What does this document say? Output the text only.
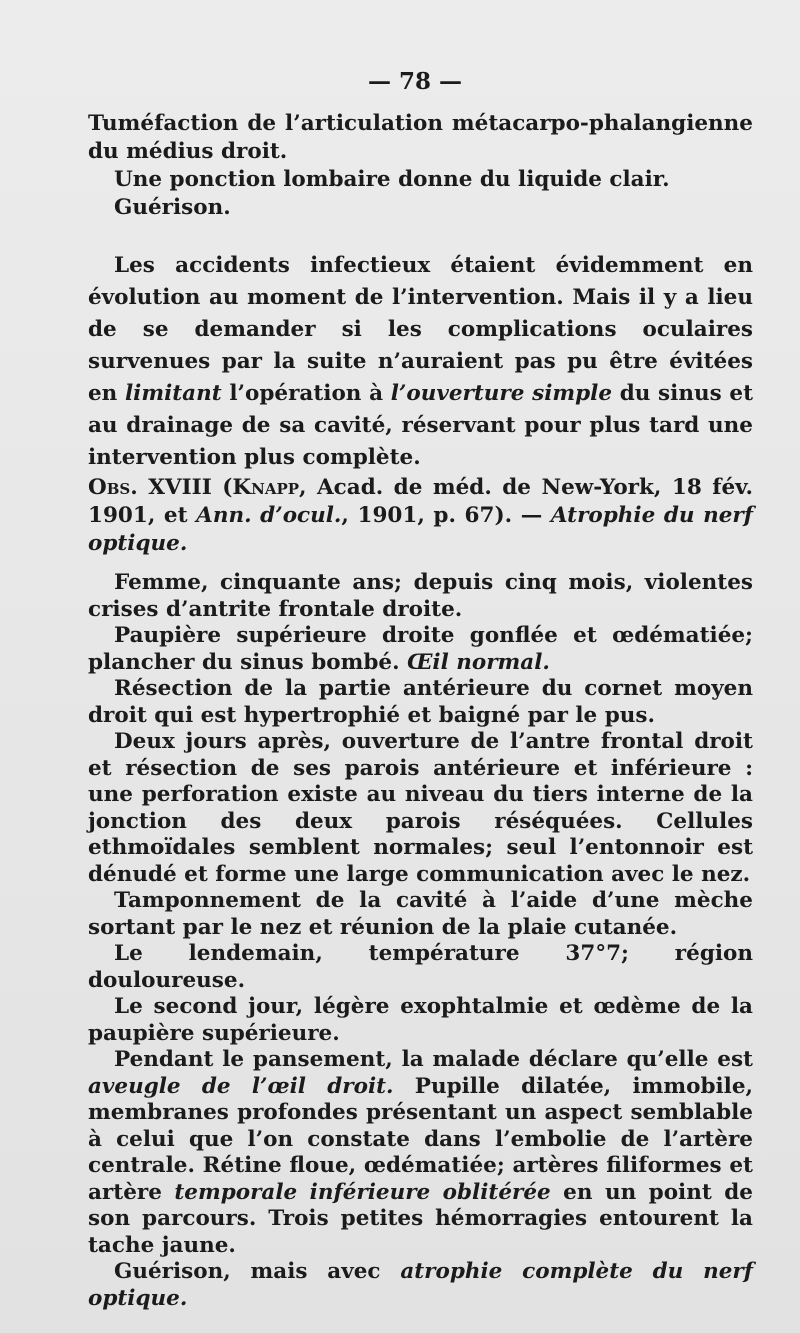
— 78 —

Tuméfaction de l’articulation métacarpo-phalangienne du médius droit.

Une ponction lombaire donne du liquide clair.

Guérison.

Les accidents infectieux étaient évidemment en évolution au moment de l’intervention. Mais il y a lieu de se demander si les complications oculaires survenues par la suite n’auraient pas pu être évitées en limitant l’opération à l’ouverture simple du sinus et au drainage de sa cavité, réservant pour plus tard une intervention plus complète.

Obs. XVIII (Knapp, Acad. de méd. de New-York, 18 fév. 1901, et Ann. d’ocul., 1901, p. 67). — Atrophie du nerf optique.

Femme, cinquante ans; depuis cinq mois, violentes crises d’antrite frontale droite.

Paupière supérieure droite gonflée et œdématiée; plancher du sinus bombé. Œil normal.

Résection de la partie antérieure du cornet moyen droit qui est hypertrophié et baigné par le pus.

Deux jours après, ouverture de l’antre frontal droit et résection de ses parois antérieure et inférieure : une perforation existe au niveau du tiers interne de la jonction des deux parois réséquées. Cellules ethmoïdales semblent normales; seul l’entonnoir est dénudé et forme une large communication avec le nez.

Tamponnement de la cavité à l’aide d’une mèche sortant par le nez et réunion de la plaie cutanée.

Le lendemain, température 37°7; région douloureuse.

Le second jour, légère exophtalmie et œdème de la paupière supérieure.

Pendant le pansement, la malade déclare qu’elle est aveugle de l’œil droit. Pupille dilatée, immobile, membranes profondes présentant un aspect semblable à celui que l’on constate dans l’embolie de l’artère centrale. Rétine floue, œdématiée; artères filiformes et artère temporale inférieure oblitérée en un point de son parcours. Trois petites hémorragies entourent la tache jaune.

Guérison, mais avec atrophie complète du nerf optique.
